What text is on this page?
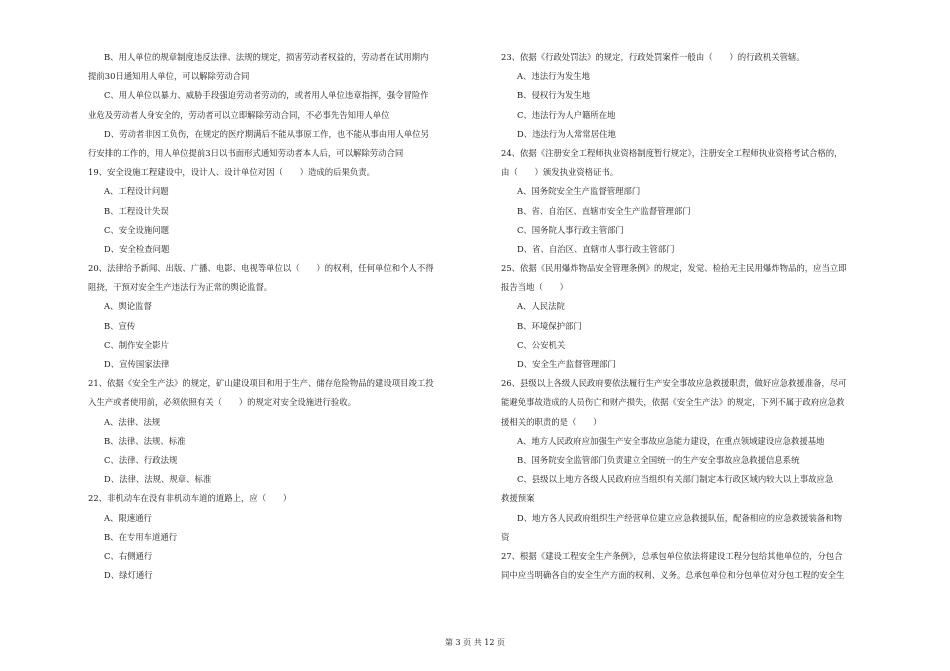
B、用人单位的规章制度违反法律、法规的规定，损害劳动者权益的，劳动者在试用期内
提前30日通知用人单位，可以解除劳动合同
C、用人单位以暴力、威胁手段强迫劳动者劳动的，或者用人单位违章指挥，强令冒险作
业危及劳动者人身安全的，劳动者可以立即解除劳动合同，不必事先告知用人单位
D、劳动者非因工负伤，在规定的医疗期满后不能从事原工作，也不能从事由用人单位另
行安排的工作的，用人单位提前3日以书面形式通知劳动者本人后，可以解除劳动合同
19、安全设施工程建设中，设计人、设计单位对因（　　）造成的后果负责。
A、工程设计问题
B、工程设计失误
C、安全设施问题
D、安全检查问题
20、法律给予新闻、出版、广播、电影、电视等单位以（　　）的权利，任何单位和个人不得
阻挠，干预对安全生产违法行为正常的舆论监督。
A、舆论监督
B、宣传
C、制作安全影片
D、宣传国家法律
21、依据《安全生产法》的规定，矿山建设项目和用于生产、储存危险物品的建设项目竣工投
入生产或者使用前，必须依照有关（　　）的规定对安全设施进行验收。
A、法律、法规
B、法律、法规、标准
C、法律、行政法规
D、法律、法规、规章、标准
22、非机动车在没有非机动车道的道路上，应（　　）
A、限速通行
B、在专用车道通行
C、右侧通行
D、绿灯通行
23、依据《行政处罚法》的规定，行政处罚案件一般由（　　）的行政机关管辖。
A、违法行为发生地
B、侵权行为发生地
C、违法行为人户籍所在地
D、违法行为人常常居住地
24、依据《注册安全工程师执业资格制度暂行规定》，注册安全工程师执业资格考试合格的，
由（　　）颁发执业资格证书。
A、国务院安全生产监督管理部门
B、省、自治区、直辖市安全生产监督管理部门
C、国务院人事行政主管部门
D、省、自治区、直辖市人事行政主管部门
25、依据《民用爆炸物品安全管理条例》的规定，发觉、检拾无主民用爆炸物品的，应当立即
报告当地（　　）
A、人民法院
B、环境保护部门
C、公安机关
D、安全生产监督管理部门
26、县级以上各级人民政府要依法履行生产安全事故应急救援职责，做好应急救援准备，尽可
能避免事故造成的人员伤亡和财产损失，依据《安全生产法》的规定，下列不属于政府应急救
援相关的职责的是（　　）
A、地方人民政府应加强生产安全事故应急能力建设，在重点领域建设应急救援基地
B、国务院安全监管部门负责建立全国统一的生产安全事故应急救援信息系统
C、县级以上地方各级人民政府应当组织有关部门制定本行政区域内较大以上事故应急
救援预案
D、地方各人民政府组织生产经营单位建立应急救援队伍，配备相应的应急救援装备和物
资
27、根据《建设工程安全生产条例》，总承包单位依法将建设工程分包给其他单位的，分包合
同中应当明确各自的安全生产方面的权利、义务。总承包单位和分包单位对分包工程的安全生
第 3 页 共 12 页
